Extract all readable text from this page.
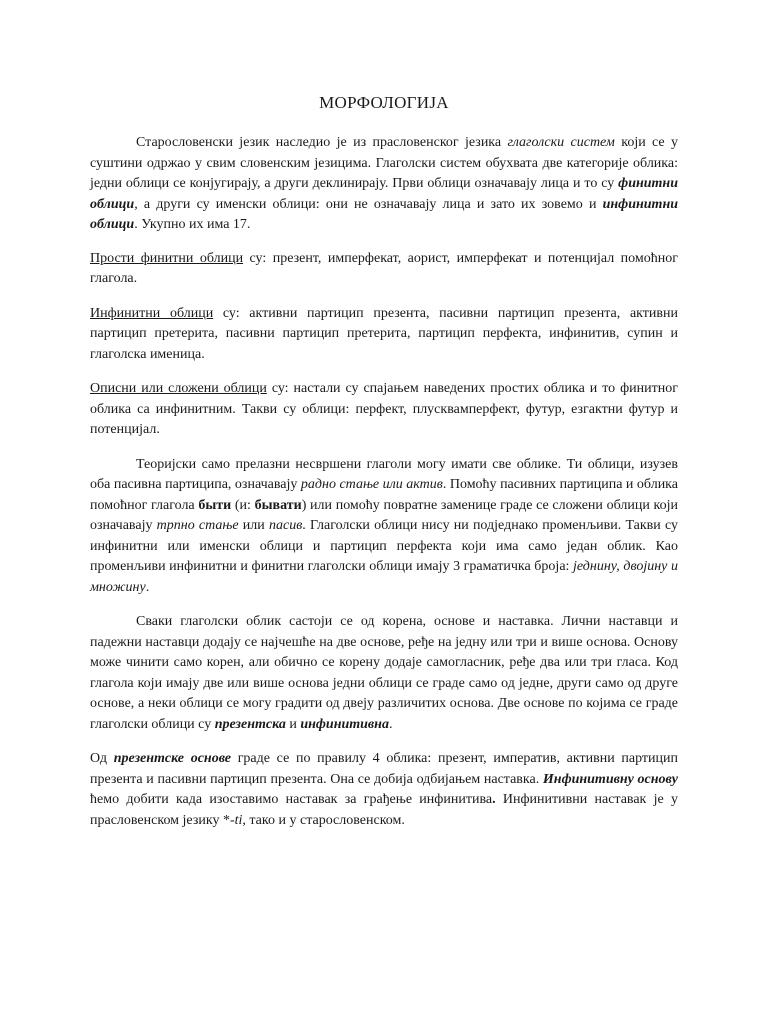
МОРФОЛОГИЈА

Старословенски језик наследио је из прасловенског језика глаголски систем који се у суштини одржао у свим словенским језицима. Глаголски систем обухвата две категорије облика: једни облици се конјугирају, а други деклинирају. Први облици означавају лица и то су финитни облици, а други су именски облици: они не означавају лица и зато их зовемо и инфинитни облици. Укупно их има 17.

Прости финитни облици су: презент, имперфекат, аорист, имперфекат и потенцијал помоћног глагола.

Инфинитни облици су: активни партицип презента, пасивни партицип презента, активни партицип претерита, пасивни партицип претерита, партицип перфекта, инфинитив, супин и глаголска именица.

Описни или сложени облици су: настали су спајањем наведених простих облика и то финитног облика са инфинитним. Такви су облици: перфект, плусквамперфект, футур, езгактни футур и потенцијал.

Теоријски само прелазни несвршени глаголи могу имати све облике. Ти облици, изузев оба пасивна партиципа, означавају радно стање или актив. Помоћу пасивних партиципа и облика помоћног глагола быти (и: бывати) или помоћу повратне заменице граде се сложени облици који означавају трпно стање или пасив. Глаголски облици нису ни подједнако променљиви. Такви су инфинитни или именски облици и партицип перфекта који има само један облик. Као променљиви инфинитни и финитни глаголски облици имају 3 граматичка броја: једнину, двојину и множину.

Сваки глаголски облик састоји се од корена, основе и наставка. Лични наставци и падежни наставци додају се најчешће на две основе, ређе на једну или три и више основа. Основу може чинити само корен, али обично се корену додаје самогласник, ређе два или три гласа. Код глагола који имају две или више основа једни облици се граде само од једне, други само од друге основе, а неки облици се могу градити од двеју различитих основа. Две основе по којима се граде глаголски облици су презентска и инфинитивна.

Од презентске основе граде се по правилу 4 облика: презент, императив, активни партицип презента и пасивни партицип презента. Она се добија одбијањем наставка. Инфинитивну основу ћемо добити када изоставимо наставак за грађење инфинитива. Инфинитивни наставак је у прасловенском језику *-ti, тако и у старословенском.
